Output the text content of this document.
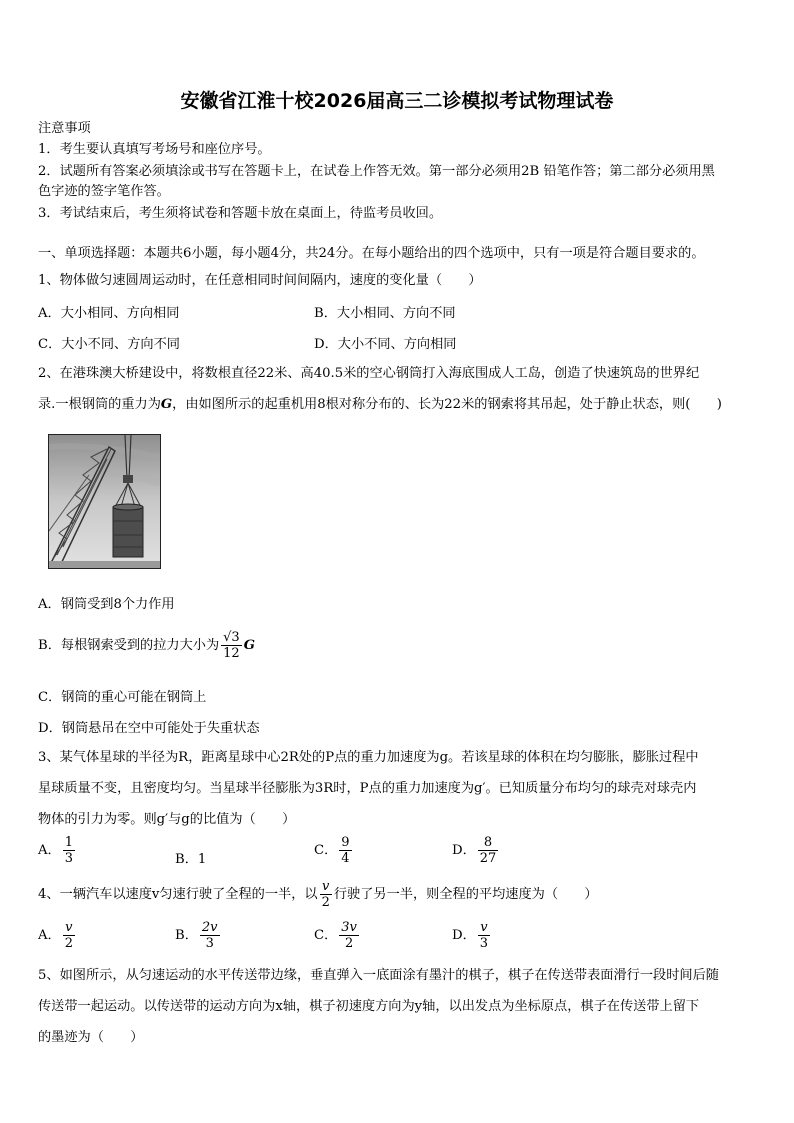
安徽省江淮十校2026届高三二诊模拟考试物理试卷
注意事项
1．考生要认真填写考场号和座位序号。
2．试题所有答案必须填涂或书写在答题卡上，在试卷上作答无效。第一部分必须用2B 铅笔作答；第二部分必须用黑
色字迹的签字笔作答。
3．考试结束后，考生须将试卷和答题卡放在桌面上，待监考员收回。
一、单项选择题：本题共6小题，每小题4分，共24分。在每小题给出的四个选项中，只有一项是符合题目要求的。
1、物体做匀速圆周运动时，在任意相同时间间隔内，速度的变化量（　　）
A．大小相同、方向相同	B．大小相同、方向不同
C．大小不同、方向不同	D．大小不同、方向相同
2、在港珠澳大桥建设中，将数根直径22米、高40.5米的空心钢筒打入海底围成人工岛，创造了快速筑岛的世界纪
录.一根钢筒的重力为G，由如图所示的起重机用8根对称分布的、长为22米的钢索将其吊起，处于静止状态，则(　　)
A．钢筒受到8个力作用
B．每根钢索受到的拉力大小为 $\frac{√3}{12}$ G
C．钢筒的重心可能在钢筒上
D．钢筒悬吊在空中可能处于失重状态
3、某气体星球的半径为R，距离星球中心2R处的P点的重力加速度为g。若该星球的体积在均匀膨胀，膨胀过程中
星球质量不变，且密度均匀。当星球半径膨胀为3R时，P点的重力加速度为g′。已知质量分布均匀的球壳对球壳内
物体的引力为零。则g′与g的比值为（　　）
A． $\frac{1}{3}$	B．1
C． $\frac{9}{4}$	D． $\frac{8}{27}$
4、一辆汽车以速度v匀速行驶了全程的一半，以 $\frac{v}{2}$ 行驶了另一半，则全程的平均速度为（　　）
A． $\frac{v}{2}$	B． $\frac{2v}{3}$	C． $\frac{3v}{2}$	D． $\frac{v}{3}$
5、如图所示，从匀速运动的水平传送带边缘，垂直弹入一底面涂有墨汁的棋子，棋子在传送带表面滑行一段时间后随
传送带一起运动。以传送带的运动方向为x轴，棋子初速度方向为y轴，以出发点为坐标原点，棋子在传送带上留下
的墨迹为（　　）
